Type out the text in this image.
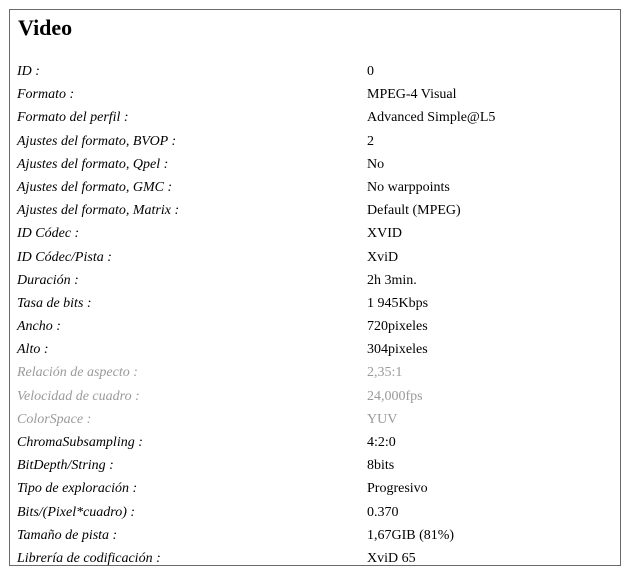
Video
ID :	0
Formato :	MPEG-4 Visual
Formato del perfil :	Advanced Simple@L5
Ajustes del formato, BVOP :	2
Ajustes del formato, Qpel :	No
Ajustes del formato, GMC :	No warppoints
Ajustes del formato, Matrix :	Default (MPEG)
ID Códec :	XVID
ID Códec/Pista :	XviD
Duración :	2h 3min.
Tasa de bits :	1 945Kbps
Ancho :	720pixeles
Alto :	304pixeles
Relación de aspecto :	2,35:1
Velocidad de cuadro :	24,000fps
ColorSpace :	YUV
ChromaSubsampling :	4:2:0
BitDepth/String :	8bits
Tipo de exploración :	Progresivo
Bits/(Pixel*cuadro) :	0.370
Tamaño de pista :	1,67GIB (81%)
Librería de codificación :	XviD 65
